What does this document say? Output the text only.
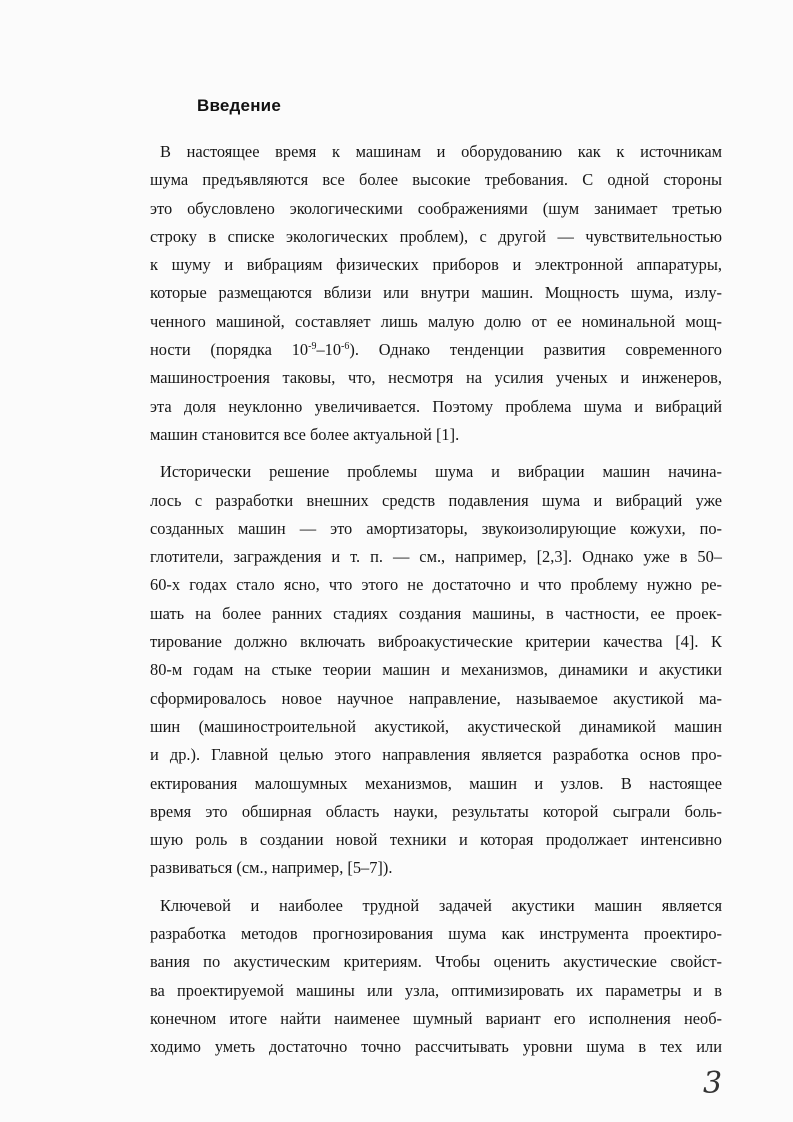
Введение
В настоящее время к машинам и оборудованию как к источникам
шума предъявляются все более высокие требования. С одной стороны
это обусловлено экологическими соображениями (шум занимает третью
строку в списке экологических проблем), с другой — чувствительностью
к шуму и вибрациям физических приборов и электронной аппаратуры,
которые размещаются вблизи или внутри машин. Мощность шума, излу-
ченного машиной, составляет лишь малую долю от ее номинальной мощ-
ности (порядка $10^{-9}-10^{-6}$). Однако тенденции развития современного
машиностроения таковы, что, несмотря на усилия ученых и инженеров,
эта доля неуклонно увеличивается. Поэтому проблема шума и вибраций
машин становится все более актуальной [1].
Исторически решение проблемы шума и вибрации машин начина-
лось с разработки внешних средств подавления шума и вибраций уже
созданных машин — это амортизаторы, звукоизолирующие кожухи, по-
глотители, заграждения и т. п. — см., например, [2,3]. Однако уже в 50–
60-х годах стало ясно, что этого не достаточно и что проблему нужно ре-
шать на более ранних стадиях создания машины, в частности, ее проек-
тирование должно включать виброакустические критерии качества [4]. К
80-м годам на стыке теории машин и механизмов, динамики и акустики
сформировалось новое научное направление, называемое акустикой ма-
шин (машиностроительной акустикой, акустической динамикой машин
и др.). Главной целью этого направления является разработка основ про-
ектирования малошумных механизмов, машин и узлов. В настоящее
время это обширная область науки, результаты которой сыграли боль-
шую роль в создании новой техники и которая продолжает интенсивно
развиваться (см., например, [5–7]).
Ключевой и наиболее трудной задачей акустики машин является
разработка методов прогнозирования шума как инструмента проектиро-
вания по акустическим критериям. Чтобы оценить акустические свойст-
ва проектируемой машины или узла, оптимизировать их параметры и в
конечном итоге найти наименее шумный вариант его исполнения необ-
ходимо уметь достаточно точно рассчитывать уровни шума в тех или
3
